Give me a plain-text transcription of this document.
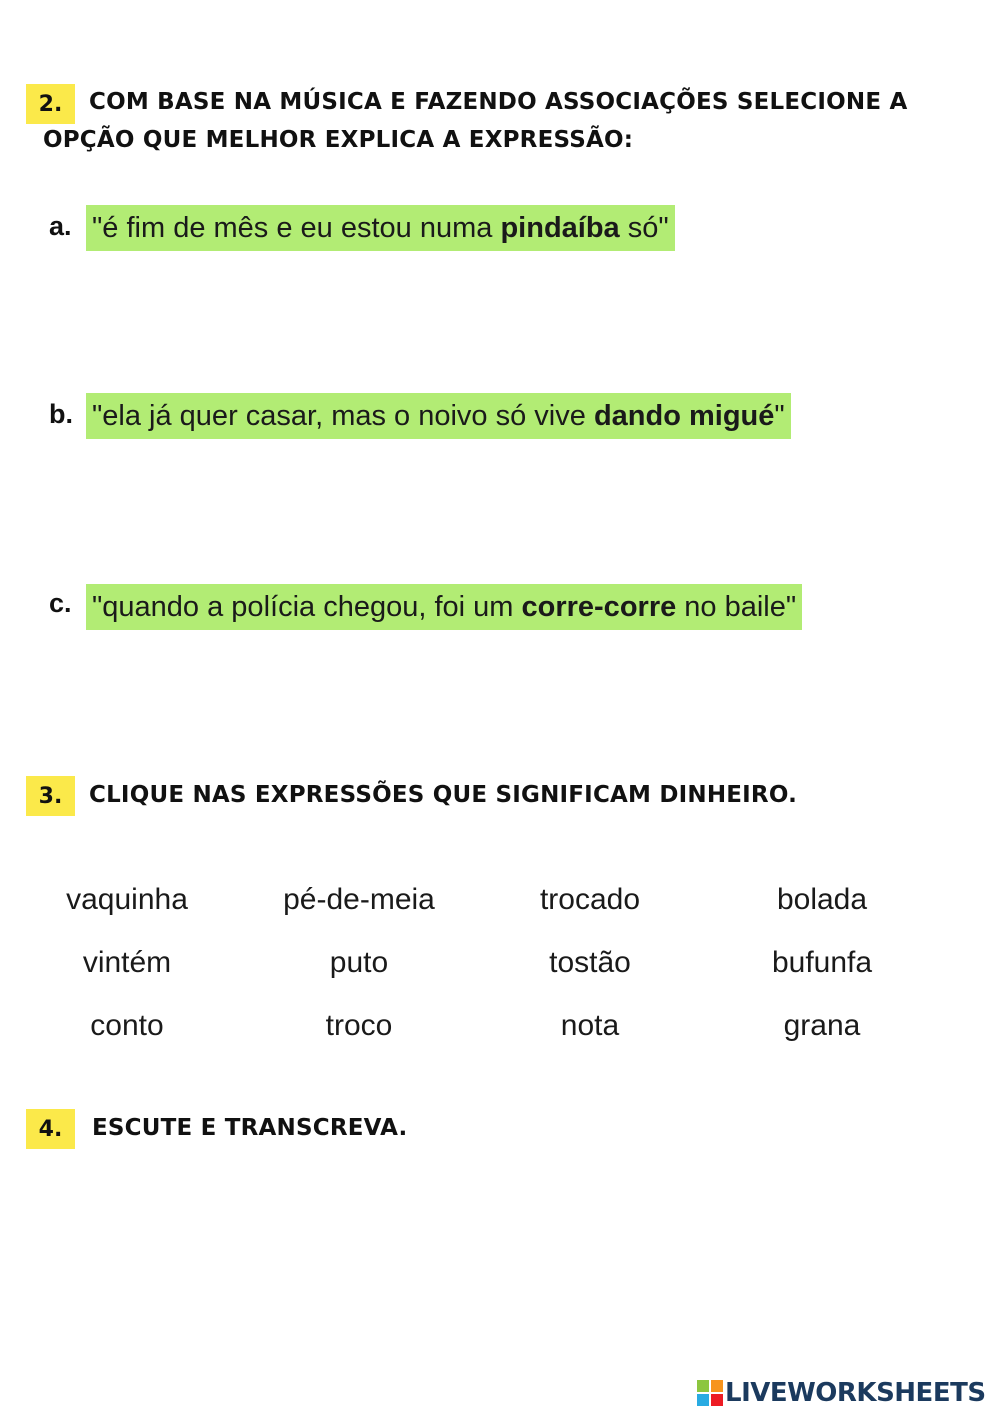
2.	COM BASE NA MÚSICA E FAZENDO ASSOCIAÇÕES SELECIONE A
OPÇÃO QUE MELHOR EXPLICA A EXPRESSÃO:
a. "é fim de mês e eu estou numa pindaíba só"
b. "ela já quer casar, mas o noivo só vive dando migué "
c. "quando a polícia chegou, foi um corre-corre no baile"
3.	CLIQUE NAS EXPRESSÕES QUE SIGNIFICAM DINHEIRO.
vaquinha	pé-de-meia	trocado	bolada
vintém	puto	tostão	bufunfa
conto	troco	nota	grana
4.	ESCUTE E TRANSCREVA.
LIVEWORKSHEETS
